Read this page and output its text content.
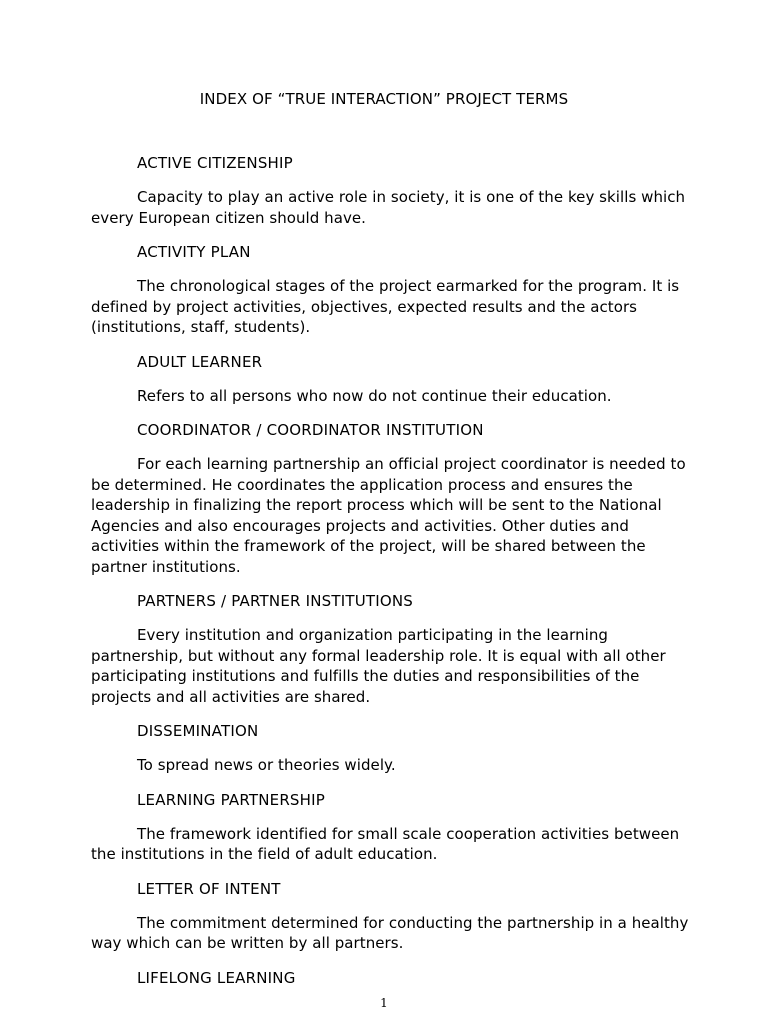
INDEX OF “TRUE INTERACTION” PROJECT TERMS

ACTIVE CITIZENSHIP

Capacity to play an active role in society, it is one of the key skills which every European citizen should have.

ACTIVITY PLAN

The chronological stages of the project earmarked for the program. It is defined by project activities, objectives, expected results and the actors (institutions, staff, students).

ADULT LEARNER

Refers to all persons who now do not continue their education.

COORDINATOR / COORDINATOR INSTITUTION

For each learning partnership an official project coordinator is needed to be determined. He coordinates the application process and ensures the leadership in finalizing the report process which will be sent to the National Agencies and also encourages projects and activities. Other duties and activities within the framework of the project, will be shared between the partner institutions.

PARTNERS / PARTNER INSTITUTIONS

Every institution and organization participating in the learning partnership, but without any formal leadership role. It is equal with all other participating institutions and fulfills the duties and responsibilities of the projects and all activities are shared.

DISSEMINATION

To spread news or theories widely.

LEARNING PARTNERSHIP

The framework identified for small scale cooperation activities between the institutions in the field of adult education.

LETTER OF INTENT

The commitment determined for conducting the partnership in a healthy way which can be written by all partners.

LIFELONG LEARNING

1
